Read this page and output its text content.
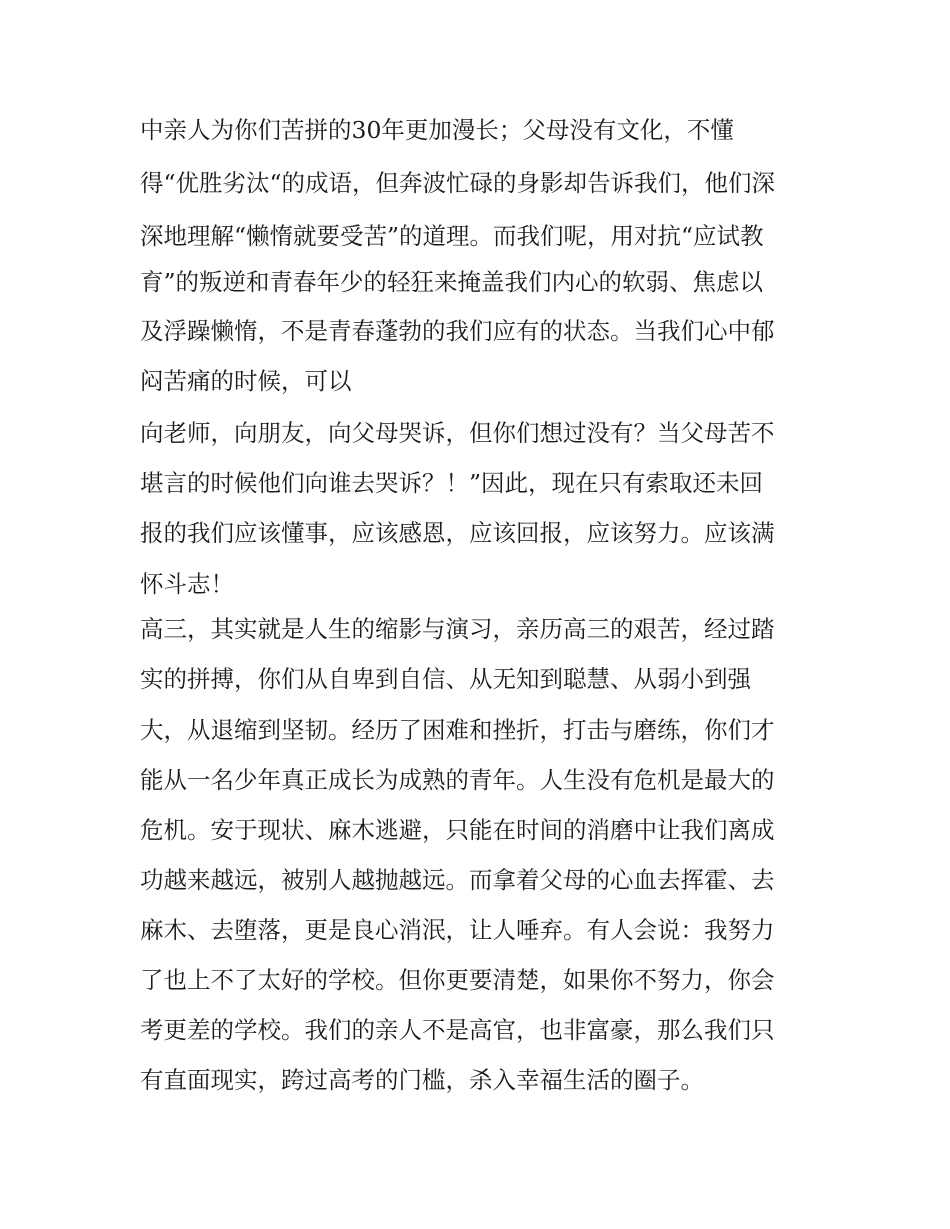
中亲人为你们苦拼的30年更加漫长；父母没有文化，不懂
得“优胜劣汰“的成语，但奔波忙碌的身影却告诉我们，他们深
深地理解“懒惰就要受苦”的道理。而我们呢，用对抗“应试教
育”的叛逆和青春年少的轻狂来掩盖我们内心的软弱、焦虑以
及浮躁懒惰，不是青春蓬勃的我们应有的状态。当我们心中郁
闷苦痛的时候，可以
向老师，向朋友，向父母哭诉，但你们想过没有？当父母苦不
堪言的时候他们向谁去哭诉？！”因此，现在只有索取还未回
报的我们应该懂事，应该感恩，应该回报，应该努力。应该满
怀斗志！
高三，其实就是人生的缩影与演习，亲历高三的艰苦，经过踏
实的拼搏，你们从自卑到自信、从无知到聪慧、从弱小到强
大，从退缩到坚韧。经历了困难和挫折，打击与磨练，你们才
能从一名少年真正成长为成熟的青年。人生没有危机是最大的
危机。安于现状、麻木逃避，只能在时间的消磨中让我们离成
功越来越远，被别人越抛越远。而拿着父母的心血去挥霍、去
麻木、去堕落，更是良心消泯，让人唾弃。有人会说：我努力
了也上不了太好的学校。但你更要清楚，如果你不努力，你会
考更差的学校。我们的亲人不是高官，也非富豪，那么我们只
有直面现实，跨过高考的门槛，杀入幸福生活的圈子。
